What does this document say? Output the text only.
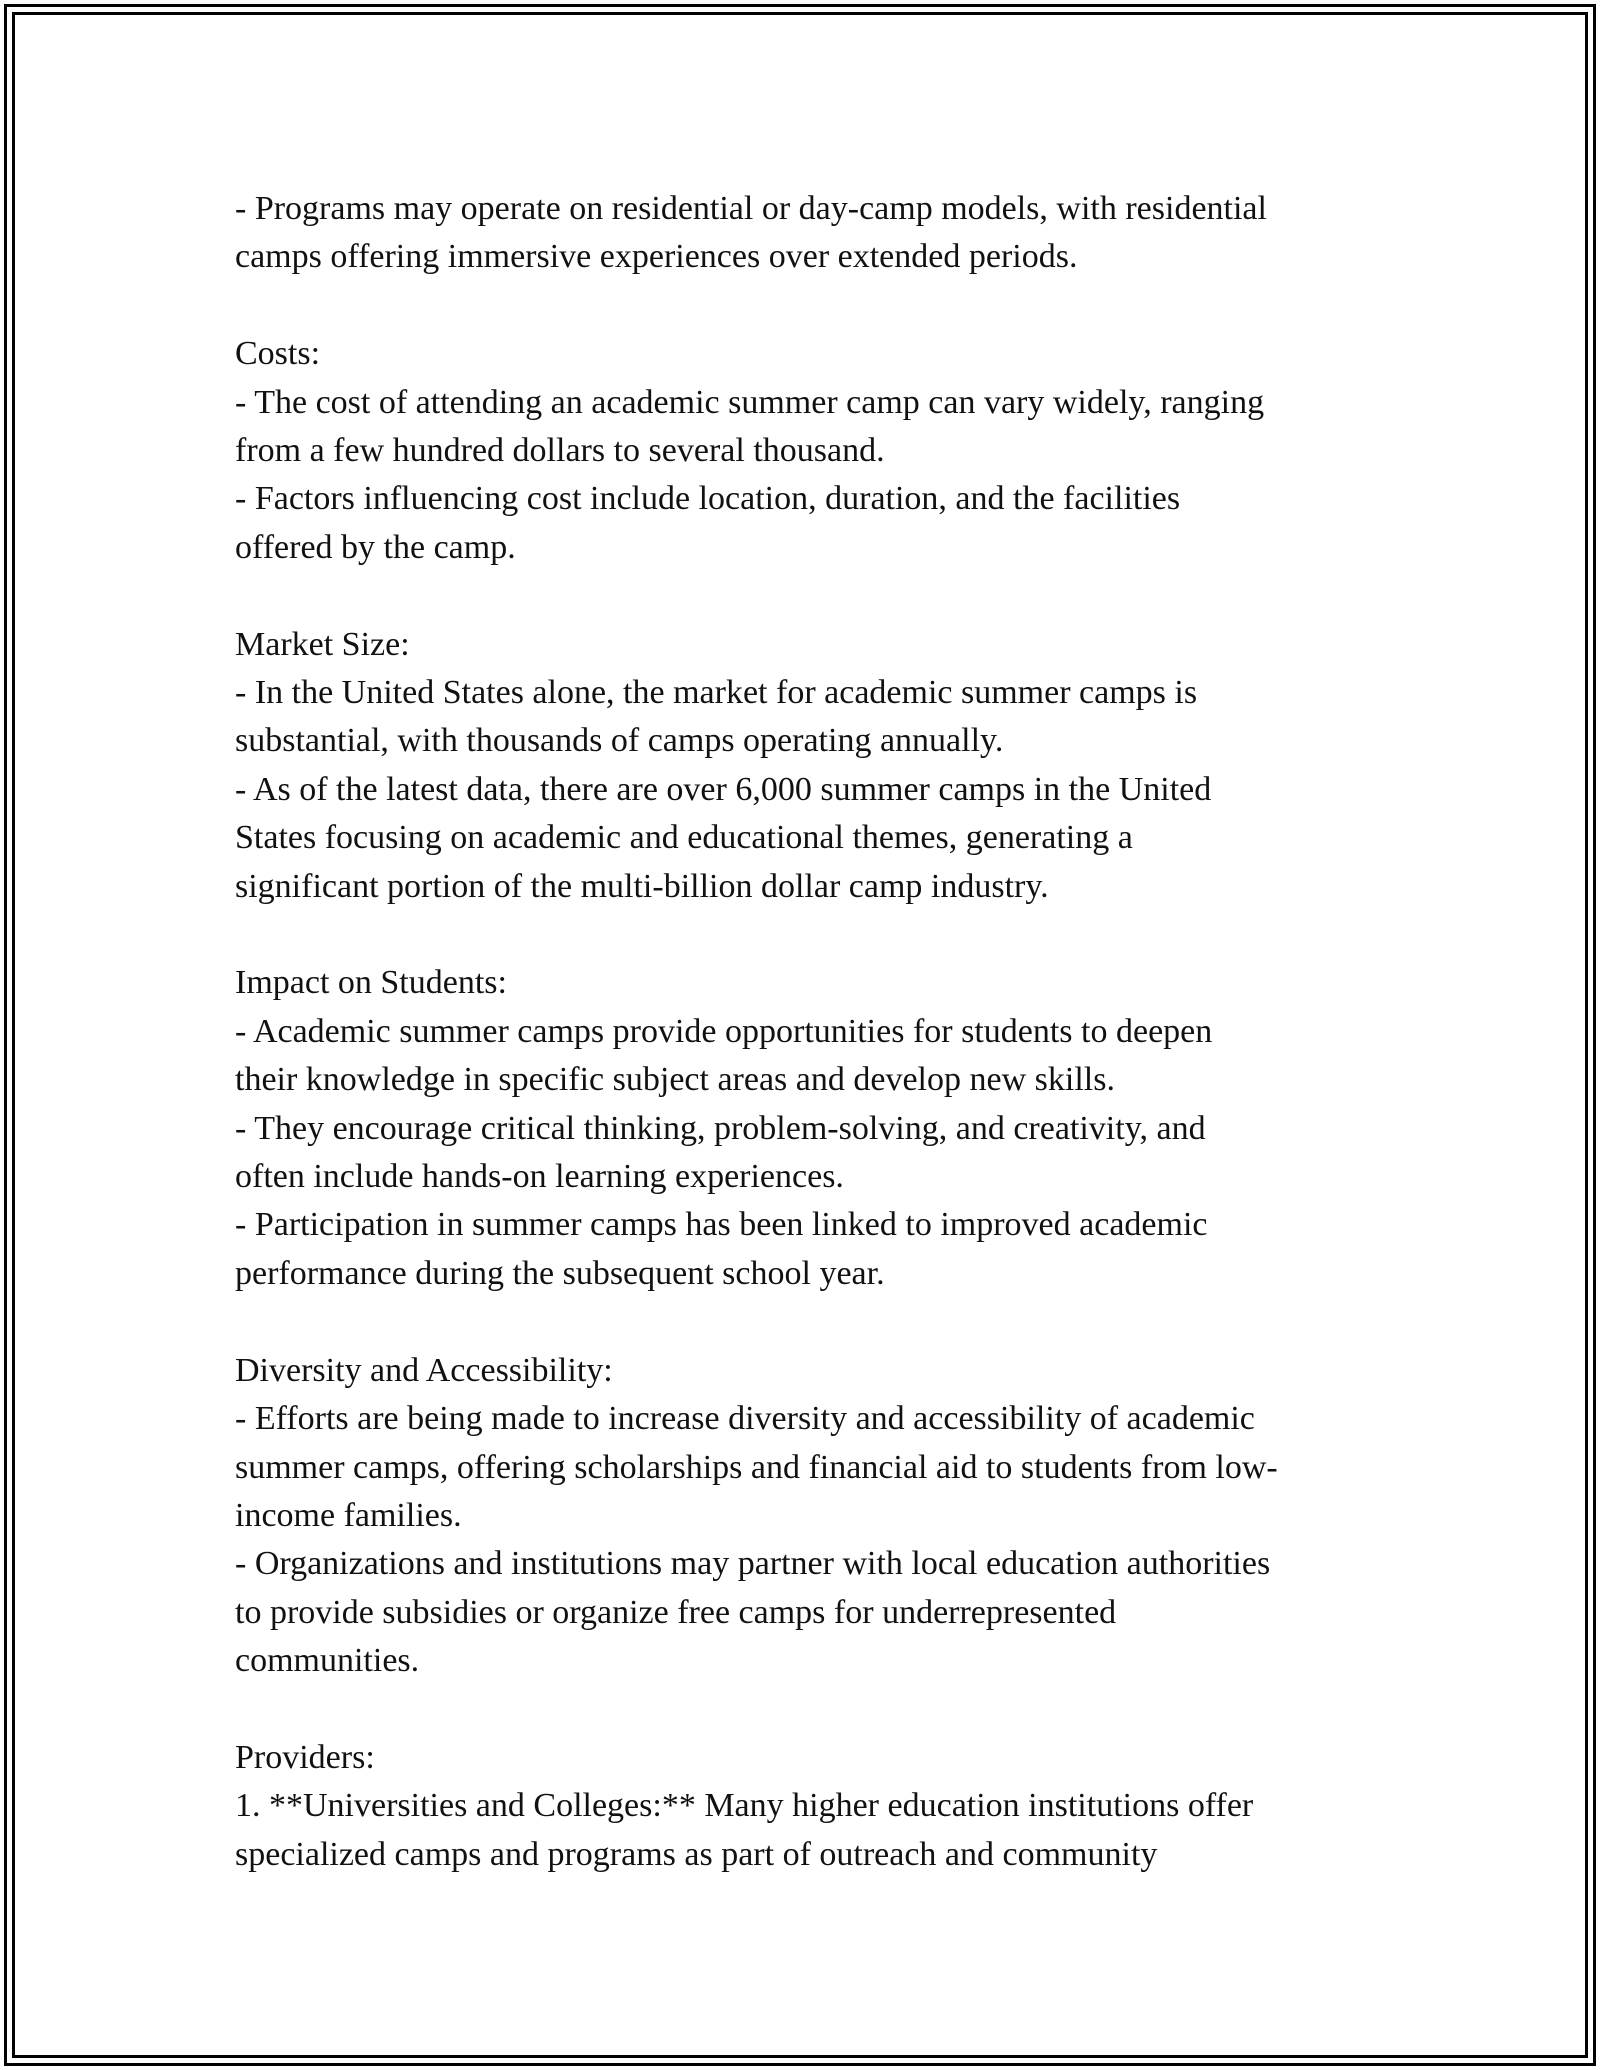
- Programs may operate on residential or day-camp models, with residential
camps offering immersive experiences over extended periods.

Costs:

- The cost of attending an academic summer camp can vary widely, ranging
from a few hundred dollars to several thousand.

- Factors influencing cost include location, duration, and the facilities
offered by the camp.

Market Size:

- In the United States alone, the market for academic summer camps is
substantial, with thousands of camps operating annually.

- As of the latest data, there are over 6,000 summer camps in the United
States focusing on academic and educational themes, generating a
significant portion of the multi-billion dollar camp industry.

Impact on Students:

- Academic summer camps provide opportunities for students to deepen
their knowledge in specific subject areas and develop new skills.

- They encourage critical thinking, problem-solving, and creativity, and
often include hands-on learning experiences.

- Participation in summer camps has been linked to improved academic
performance during the subsequent school year.

Diversity and Accessibility:

- Efforts are being made to increase diversity and accessibility of academic
summer camps, offering scholarships and financial aid to students from low-
income families.

- Organizations and institutions may partner with local education authorities
to provide subsidies or organize free camps for underrepresented
communities.

Providers:

1. **Universities and Colleges:** Many higher education institutions offer
specialized camps and programs as part of outreach and community
